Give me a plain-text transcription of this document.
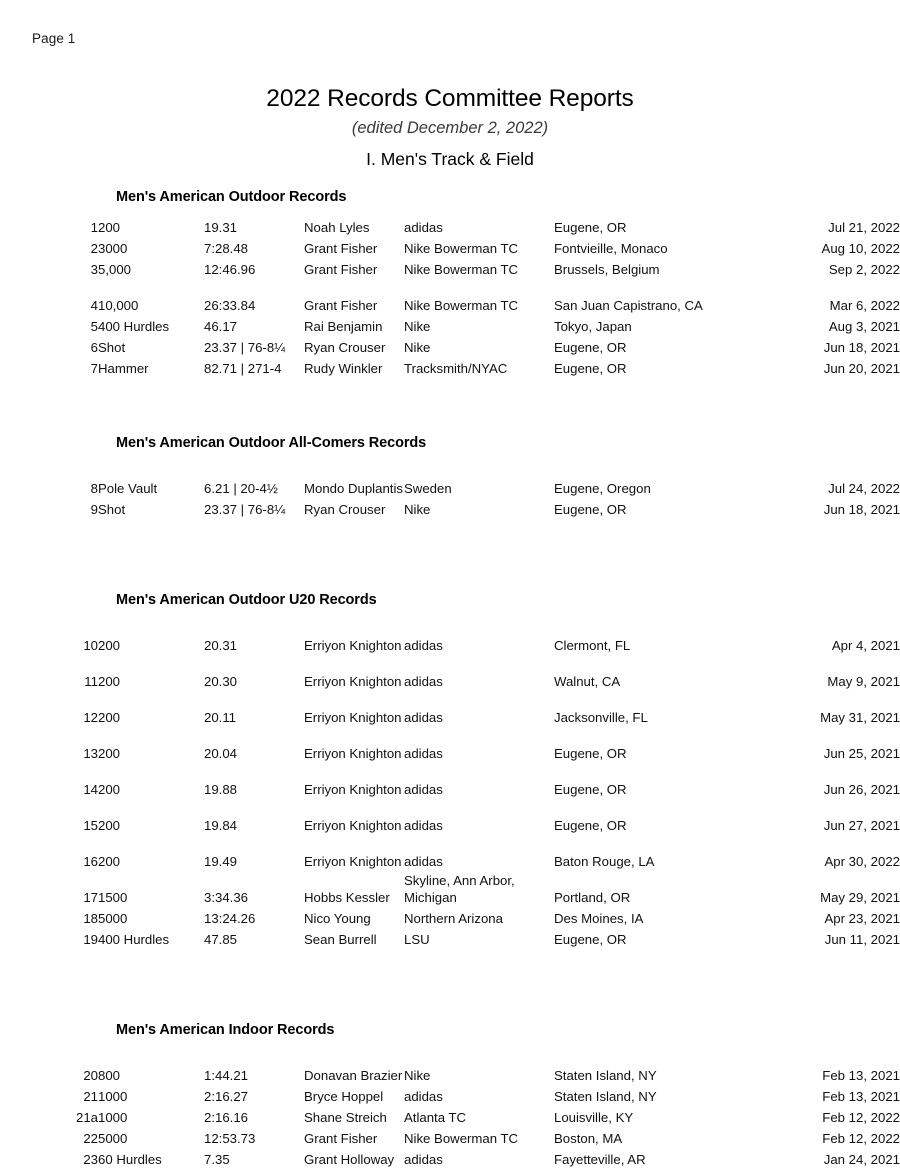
Page 1
2022 Records Committee Reports
(edited December 2, 2022)
I. Men's Track & Field
Men's American Outdoor Records
1	200	19.31	Noah Lyles	adidas	Eugene, OR	Jul 21, 2022
2	3000	7:28.48	Grant Fisher	Nike Bowerman TC	Fontvieille, Monaco	Aug 10, 2022
3	5,000	12:46.96	Grant Fisher	Nike Bowerman TC	Brussels, Belgium	Sep 2, 2022
4	10,000	26:33.84	Grant Fisher	Nike Bowerman TC	San Juan Capistrano, CA	Mar 6, 2022
5	400 Hurdles	46.17	Rai Benjamin	Nike	Tokyo, Japan	Aug 3, 2021
6	Shot	23.37 | 76-8¼	Ryan Crouser	Nike	Eugene, OR	Jun 18, 2021
7	Hammer	82.71 | 271-4	Rudy Winkler	Tracksmith/NYAC	Eugene, OR	Jun 20, 2021
Men's American Outdoor All-Comers Records
8	Pole Vault	6.21 | 20-4½	Mondo Duplantis	Sweden	Eugene, Oregon	Jul 24, 2022
9	Shot	23.37 | 76-8¼	Ryan Crouser	Nike	Eugene, OR	Jun 18, 2021
Men's American Outdoor U20 Records
10	200	20.31	Erriyon Knighton	adidas	Clermont, FL	Apr 4, 2021
11	200	20.30	Erriyon Knighton	adidas	Walnut, CA	May 9, 2021
12	200	20.11	Erriyon Knighton	adidas	Jacksonville, FL	May 31, 2021
13	200	20.04	Erriyon Knighton	adidas	Eugene, OR	Jun 25, 2021
14	200	19.88	Erriyon Knighton	adidas	Eugene, OR	Jun 26, 2021
15	200	19.84	Erriyon Knighton	adidas	Eugene, OR	Jun 27, 2021
16	200	19.49	Erriyon Knighton	adidas	Baton Rouge, LA	Apr 30, 2022
17	1500	3:34.36	Hobbs Kessler	Skyline, Ann Arbor, Michigan	Portland, OR	May 29, 2021
18	5000	13:24.26	Nico Young	Northern Arizona	Des Moines, IA	Apr 23, 2021
19	400 Hurdles	47.85	Sean Burrell	LSU	Eugene, OR	Jun 11, 2021
Men's American Indoor Records
20	800	1:44.21	Donavan Brazier	Nike	Staten Island, NY	Feb 13, 2021
21	1000	2:16.27	Bryce Hoppel	adidas	Staten Island, NY	Feb 13, 2021
21a	1000	2:16.16	Shane Streich	Atlanta TC	Louisville, KY	Feb 12, 2022
22	5000	12:53.73	Grant Fisher	Nike Bowerman TC	Boston, MA	Feb 12, 2022
23	60 Hurdles	7.35	Grant Holloway	adidas	Fayetteville, AR	Jan 24, 2021
